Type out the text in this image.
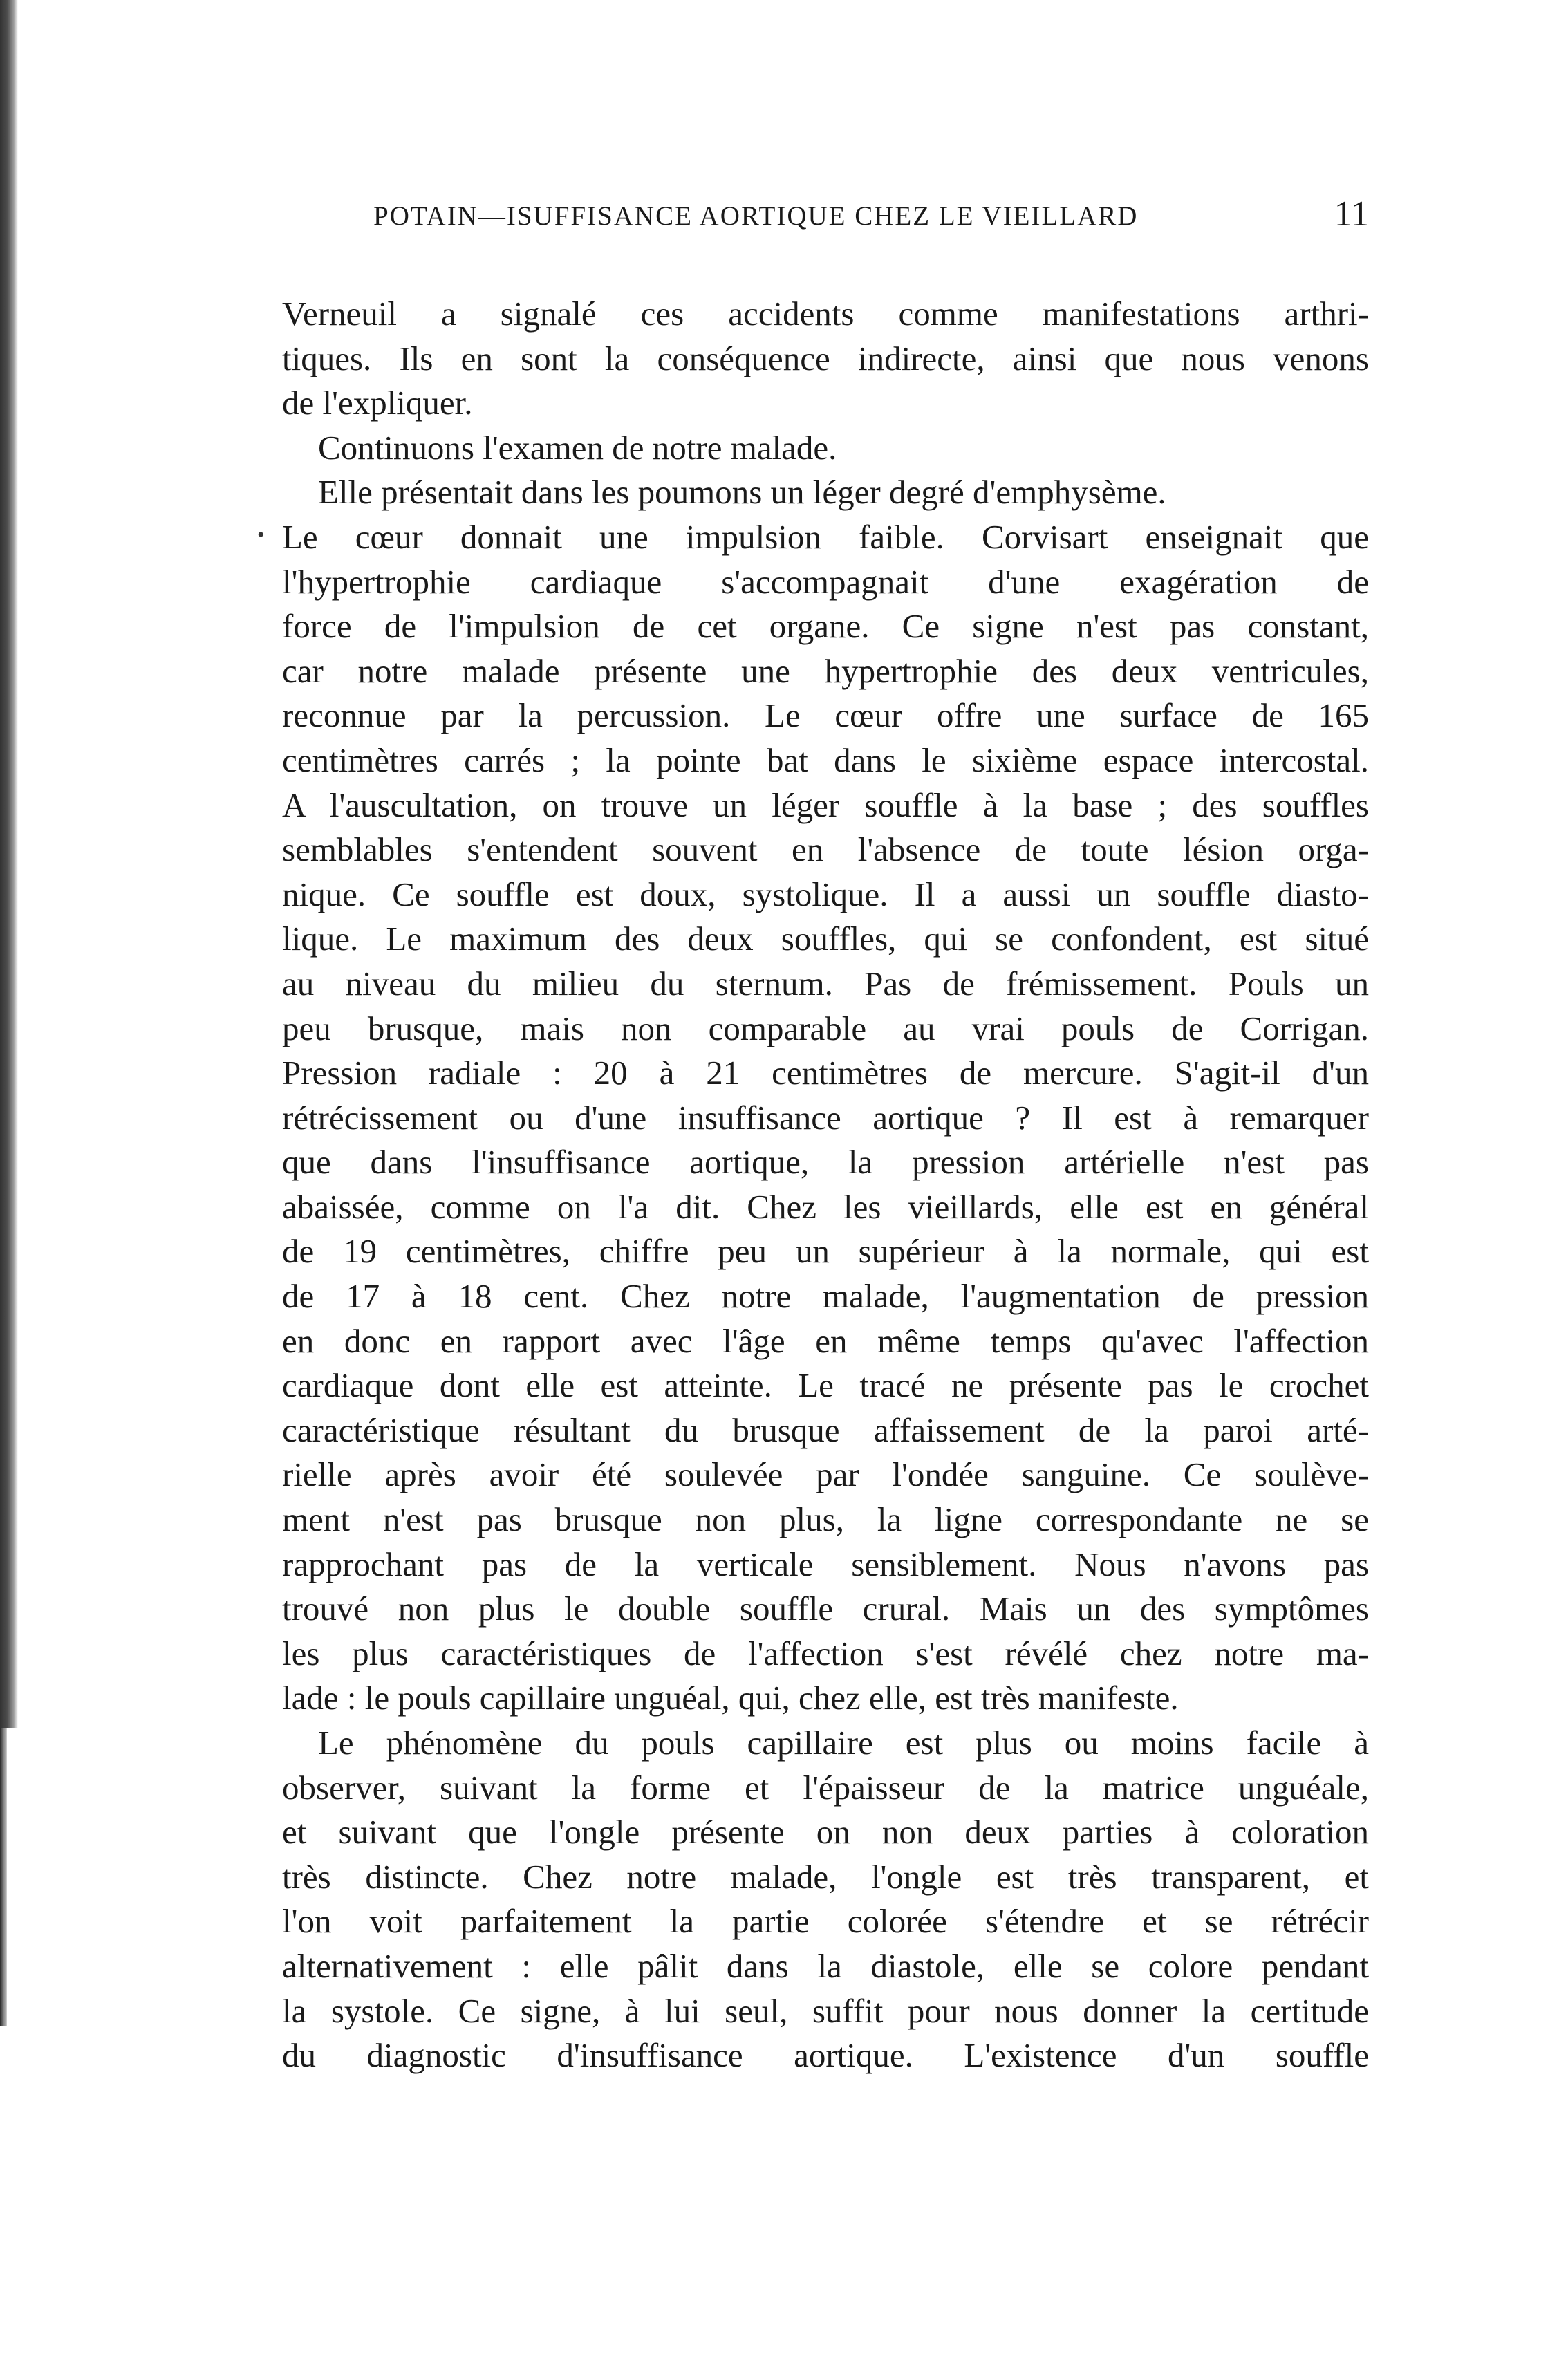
POTAIN—ISUFFISANCE AORTIQUE CHEZ LE VIEILLARD	11
Verneuil a signalé ces accidents comme manifestations arthri-
tiques. Ils en sont la conséquence indirecte, ainsi que nous venons
de l'expliquer.
Continuons l'examen de notre malade.
Elle présentait dans les poumons un léger degré d'emphysème.
Le cœur donnait une impulsion faible. Corvisart enseignait que
l'hypertrophie cardiaque s'accompagnait d'une exagération de
force de l'impulsion de cet organe. Ce signe n'est pas constant,
car notre malade présente une hypertrophie des deux ventricules,
reconnue par la percussion. Le cœur offre une surface de 165
centimètres carrés ; la pointe bat dans le sixième espace intercostal.
A l'auscultation, on trouve un léger souffle à la base ; des souffles
semblables s'entendent souvent en l'absence de toute lésion orga-
nique. Ce souffle est doux, systolique. Il a aussi un souffle diasto-
lique. Le maximum des deux souffles, qui se confondent, est situé
au niveau du milieu du sternum. Pas de frémissement. Pouls un
peu brusque, mais non comparable au vrai pouls de Corrigan.
Pression radiale : 20 à 21 centimètres de mercure. S'agit-il d'un
rétrécissement ou d'une insuffisance aortique ? Il est à remarquer
que dans l'insuffisance aortique, la pression artérielle n'est pas
abaissée, comme on l'a dit. Chez les vieillards, elle est en général
de 19 centimètres, chiffre peu un supérieur à la normale, qui est
de 17 à 18 cent. Chez notre malade, l'augmentation de pression
en donc en rapport avec l'âge en même temps qu'avec l'affection
cardiaque dont elle est atteinte. Le tracé ne présente pas le crochet
caractéristique résultant du brusque affaissement de la paroi arté-
rielle après avoir été soulevée par l'ondée sanguine. Ce soulève-
ment n'est pas brusque non plus, la ligne correspondante ne se
rapprochant pas de la verticale sensiblement. Nous n'avons pas
trouvé non plus le double souffle crural. Mais un des symptômes
les plus caractéristiques de l'affection s'est révélé chez notre ma-
lade : le pouls capillaire unguéal, qui, chez elle, est très manifeste.
Le phénomène du pouls capillaire est plus ou moins facile à
observer, suivant la forme et l'épaisseur de la matrice unguéale,
et suivant que l'ongle présente on non deux parties à coloration
très distincte. Chez notre malade, l'ongle est très transparent, et
l'on voit parfaitement la partie colorée s'étendre et se rétrécir
alternativement : elle pâlit dans la diastole, elle se colore pendant
la systole. Ce signe, à lui seul, suffit pour nous donner la certitude
du diagnostic d'insuffisance aortique. L'existence d'un souffle
•
